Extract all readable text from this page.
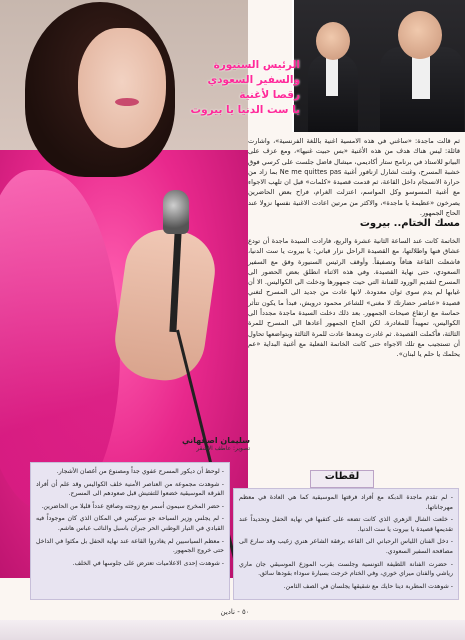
سليمان اصفهاني
تصوير: عاطف الاشقر
الرئيس السنيورة
والسفير السعودي
رقصا لأغنية
يا ست الدنيا يا بيروت
ثم قالت ماجدة: «ساغني في هذه الامسية اغنية باللغة الفرنسية»، واشارت قائلة: ليس هناك هدف من هذه الأغنية «بس حبيت غنيها»، ومع عزف على البيانو للاستاذ في برنامج ستار أكاديمي، ميشال فاضل جلست على كرسي فوق خشبة المسرح، وغنت لشارل ازنافور أغنية Ne me quittes pas بما زاد من حرارة الانسجام داخل القاعة، ثم قدمت قصيدة «كلمات» قبل ان تلهب الاجواء مع أغنية المسوسو وكل المواسم، اعتزلت الغرام، فراح بعض الحاضرين يصرخون «عظيمة يا ماجدة»، والاكثر من مرتين اعادت الاغنية نفسها نزولا عند الحاج الجمهور.
مسك الختام.. بيروت
الخاتمة كانت عند الساعة الثانية عشرة والربع، فارادت السيدة ماجدة أن تودع عشاق فنها واطلالتها، مع القصيدة الراحل نزار قباني: يا بيروت يا ست الدنيا، فاشعلت القاعة هتافاً وتصفيقاً. وأوقف الرئيس السنيورة وفق مع السفير السعودي، حتى نهاية القصيدة. وفي هذه الاثناء انطلق بعض الحضور الى المسرح لتقديم الورود للفنانة التي حيت جمهورها ودخلت الى الكواليس. الا أن غيابها لم يدم سوى ثوان معدودة. لانها عادت من جديد الى المسرح لتغني قصيدة «عناصر حضارتك لا مغنى» للشاعر محمود درويش، فبدأ ما يكون تتأثر حماسة مع ارتفاع صيحات الجمهور. بعد ذلك دخلت السيدة ماجدة مجدداً الى الكواليس، تمهيداً للمغادرة. لكن الحاح الجمهور أعادها الى المسرح للمرة الثالثة، فأكملت القصيدة. ثم غادرت وبعدها عادت للمرة الثالثة وبتواضعها تحاول أن تستجيب مع تلك الاجواء حتى كانت الخاتمة الفعلية مع أغنية البداية «عم يحلمك يا حلم يا لبنان».
لقطات

- لم تقدم ماجدة الدبكة مع أفراد فرقتها الموسيقية كما هي العادة في معظم مهرجاناتها.

- خلعت الشال الزهري الذي كانت تضعه على كتفيها في نهاية الحفل وتحديداً عند تقديمها قصيدة يا بيروت يا ست الدنيا.

- دخل الفنان اللياس الرحباني الى القاعة برفقة الشاعر هنري زغيب وقد سارع الى مصافحة السفير السعودي.

- حضرت الفنانة اللطيفة التونسية وجلست بقرب الموزع الموسيقي جان ماري رياشي والفنان ميراي خوري، وفي الختام خرجت بسيارة سوداء بقودها سائق.

- شوهدت المطربة دينا حايك مع شقيقها يجلسان في الصف الثامن.

- لوحظ أن ديكور المسرح عفوي جداً ومصنوع من أغصان الأشجار.

- شوهدت مجموعة من العناصر الأمنية خلف الكواليس وقد علم أن أفراد الفرقة الموسيقية خضعوا للتفتيش قبل صعودهم الى المسرح.

- حضر المخرج سيمون أسمر مع زوجته وصافح عدداً قليلا من الحاضرين.

- لم يجلس وزير السياحة جو سركيس في المكان الذي كان موجوداً فيه القيادي في التيار الوطني الحر جبران باسيل والنائب عباس هاشم.

- معظم السياسيين لم يغادروا القاعة عند نهاية الحفل بل مكثوا في الداخل حتى خروج الجمهور.

- شوهدت إحدى الاعلاميات تعترض على جلوسها في الخلف.

٥٠ - نادين
